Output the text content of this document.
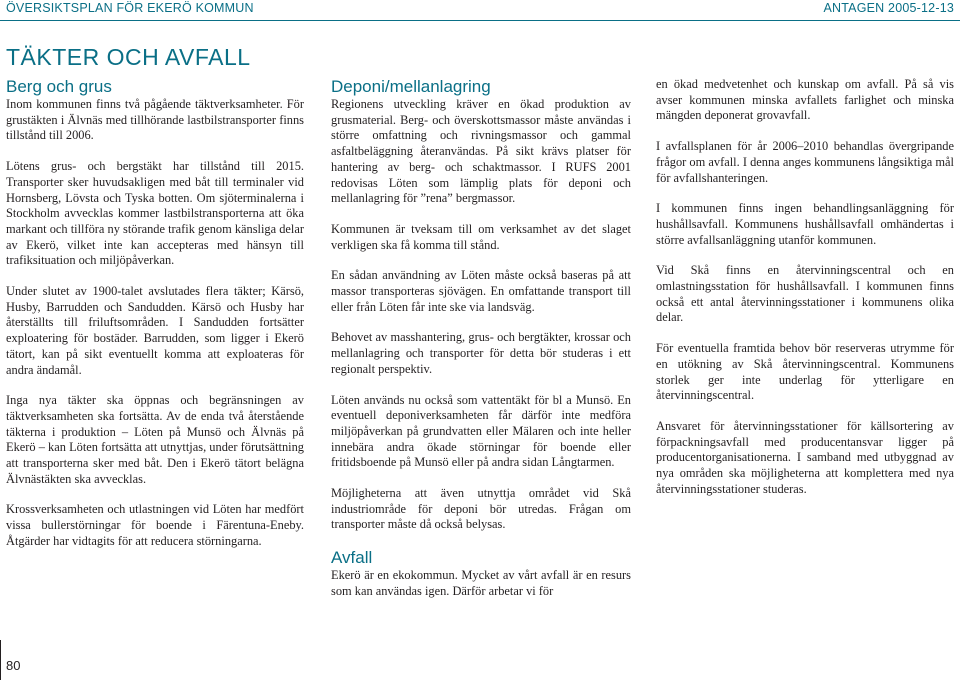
ÖVERSIKTSPLAN FÖR EKERÖ KOMMUN	ANTAGEN 2005-12-13
TÄKTER OCH AVFALL
Berg och grus

Inom kommunen finns två pågående täktverksamheter. För grustäkten i Älvnäs med tillhörande lastbilstransporter finns tillstånd till 2006.

Lötens grus- och bergstäkt har tillstånd till 2015. Transporter sker huvudsakligen med båt till terminaler vid Hornsberg, Lövsta och Tyska botten. Om sjöterminalerna i Stockholm avvecklas kommer lastbilstransporterna att öka markant och tillföra ny störande trafik genom känsliga delar av Ekerö, vilket inte kan accepteras med hänsyn till trafiksituation och miljöpåverkan.

Under slutet av 1900-talet avslutades flera täkter; Kärsö, Husby, Barrudden och Sandudden. Kärsö och Husby har återställts till friluftsområden. I Sandudden fortsätter exploatering för bostäder. Barrudden, som ligger i Ekerö tätort, kan på sikt eventuellt komma att exploateras för andra ändamål.

Inga nya täkter ska öppnas och begränsningen av täktverksamheten ska fortsätta. Av de enda två återstående täkterna i produktion – Löten på Munsö och Älvnäs på Ekerö – kan Löten fortsätta att utnyttjas, under förutsättning att transporterna sker med båt. Den i Ekerö tätort belägna Älvnästäkten ska avvecklas.

Krossverksamheten och utlastningen vid Löten har medfört vissa bullerstörningar för boende i Färentuna-Eneby. Åtgärder har vidtagits för att reducera störningarna.

Deponi/mellanlagring

Regionens utveckling kräver en ökad produktion av grusmaterial. Berg- och överskottsmassor måste användas i större omfattning och rivningsmassor och gammal asfaltbeläggning återanvändas. På sikt krävs platser för hantering av berg- och schaktmassor. I RUFS 2001 redovisas Löten som lämplig plats för deponi och mellanlagring för ”rena” bergmassor.

Kommunen är tveksam till om verksamhet av det slaget verkligen ska få komma till stånd.

En sådan användning av Löten måste också baseras på att massor transporteras sjövägen. En omfattande transport till eller från Löten får inte ske via landsväg.

Behovet av masshantering, grus- och bergtäkter, krossar och mellanlagring och transporter för detta bör studeras i ett regionalt perspektiv.

Löten används nu också som vattentäkt för bl a Munsö. En eventuell deponiverksamheten får därför inte medföra miljöpåverkan på grundvatten eller Mälaren och inte heller innebära andra ökade störningar för boende eller fritidsboende på Munsö eller på andra sidan Långtarmen.

Möjligheterna att även utnyttja området vid Skå industriområde för deponi bör utredas. Frågan om transporter måste då också belysas.

Avfall

Ekerö är en ekokommun. Mycket av vårt avfall är en resurs som kan användas igen. Därför arbetar vi för

en ökad medvetenhet och kunskap om avfall. På så vis avser kommunen minska avfallets farlighet och minska mängden deponerat grovavfall.

I avfallsplanen för år 2006–2010 behandlas övergripande frågor om avfall. I denna anges kommunens långsiktiga mål för avfallshanteringen.

I kommunen finns ingen behandlingsanläggning för hushållsavfall. Kommunens hushållsavfall omhändertas i större avfallsanläggning utanför kommunen.

Vid Skå finns en återvinningscentral och en omlastningsstation för hushållsavfall. I kommunen finns också ett antal återvinningsstationer i kommunens olika delar.

För eventuella framtida behov bör reserveras utrymme för en utökning av Skå återvinningscentral. Kommunens storlek ger inte underlag för ytterligare en återvinningscentral.

Ansvaret för återvinningsstationer för källsortering av förpackningsavfall med producentansvar ligger på producentorganisationerna. I samband med utbyggnad av nya områden ska möjligheterna att komplettera med nya återvinningsstationer studeras.

80
